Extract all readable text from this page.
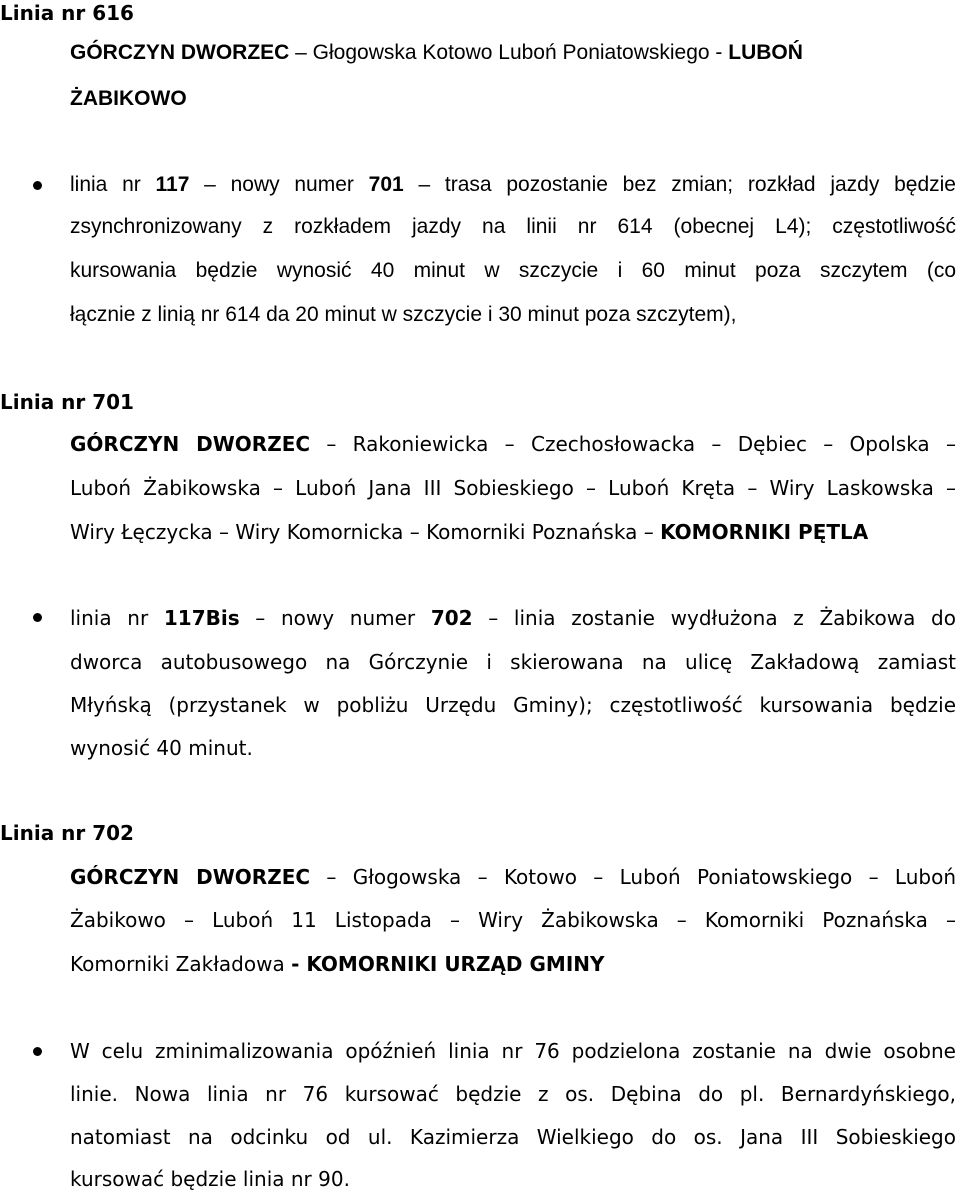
Linia nr 616
GÓRCZYN DWORZEC – Głogowska Kotowo Luboń Poniatowskiego - LUBOŃ
ŻABIKOWO
linia nr 117 – nowy numer 701 – trasa pozostanie bez zmian; rozkład jazdy będzie
zsynchronizowany z rozkładem jazdy na linii nr 614 (obecnej L4); częstotliwość
kursowania będzie wynosić 40 minut w szczycie i 60 minut poza szczytem (co
łącznie z linią nr 614 da 20 minut w szczycie i 30 minut poza szczytem),
Linia nr 701
GÓRCZYN DWORZEC – Rakoniewicka – Czechosłowacka – Dębiec – Opolska –
Luboń Żabikowska – Luboń Jana III Sobieskiego – Luboń Kręta – Wiry Laskowska –
Wiry Łęczycka – Wiry Komornicka – Komorniki Poznańska – KOMORNIKI PĘTLA
linia nr 117Bis – nowy numer 702 – linia zostanie wydłużona z Żabikowa do
dworca autobusowego na Górczynie i skierowana na ulicę Zakładową zamiast
Młyńską (przystanek w pobliżu Urzędu Gminy); częstotliwość kursowania będzie
wynosić 40 minut.
Linia nr 702
GÓRCZYN DWORZEC – Głogowska – Kotowo – Luboń Poniatowskiego – Luboń
Żabikowo – Luboń 11 Listopada – Wiry Żabikowska – Komorniki Poznańska –
Komorniki Zakładowa - KOMORNIKI URZĄD GMINY
W celu zminimalizowania opóźnień linia nr 76 podzielona zostanie na dwie osobne
linie. Nowa linia nr 76 kursować będzie z os. Dębina do pl. Bernardyńskiego,
natomiast na odcinku od ul. Kazimierza Wielkiego do os. Jana III Sobieskiego
kursować będzie linia nr 90.
